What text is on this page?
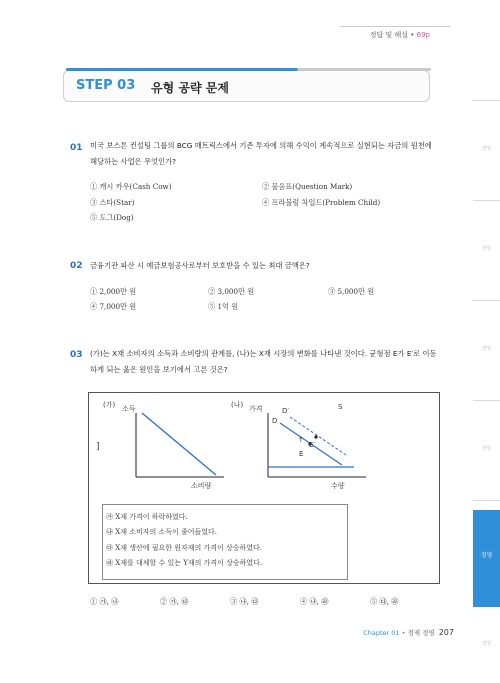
정답 및 해설 • 69p
경영
경영
경영
경영
경영
경영
STEP 03 유형 공략 문제
01 미국 보스톤 컨설팅 그룹의 BCG 매트릭스에서 기존 투자에 의해 수익이 계속적으로 실현되는 자금의 원천에 해당하는 사업은 무엇인가?
① 캐시 카우(Cash Cow)	② 물음표(Question Mark)
③ 스타(Star)	④ 프라블럼 차일드(Problem Child)
⑤ 도그(Dog)
02 금융기관 파산 시 예금보험공사로부터 보호받을 수 있는 최대 금액은?
① 2,000만 원	② 3,000만 원	③ 5,000만 원
④ 7,000만 원	⑤ 1억 원
03 (가)는 X재 소비자의 소득과 소비량의 관계를, (나)는 X재 시장의 변화를 나타낸 것이다. 균형점 E가 E′로 이동하게 되는 옳은 원인을 보기에서 고른 것은?
(가) 소득
소비량
]
(나) 가격
수량
D′
D
S
↑
E′
E
㉮ X재 가격이 하락하였다.
㉯ X재 소비자의 소득이 줄어들었다.
㉰ X재 생산에 필요한 원자재의 가격이 상승하였다.
㉱ X재를 대체할 수 있는 Y재의 가격이 상승하였다.
① ㉮, ㉯	② ㉮, ㉰	③ ㉯, ㉰	④ ㉯, ㉱	⑤ ㉰, ㉱
Chapter 01 • 경제 경영 207
